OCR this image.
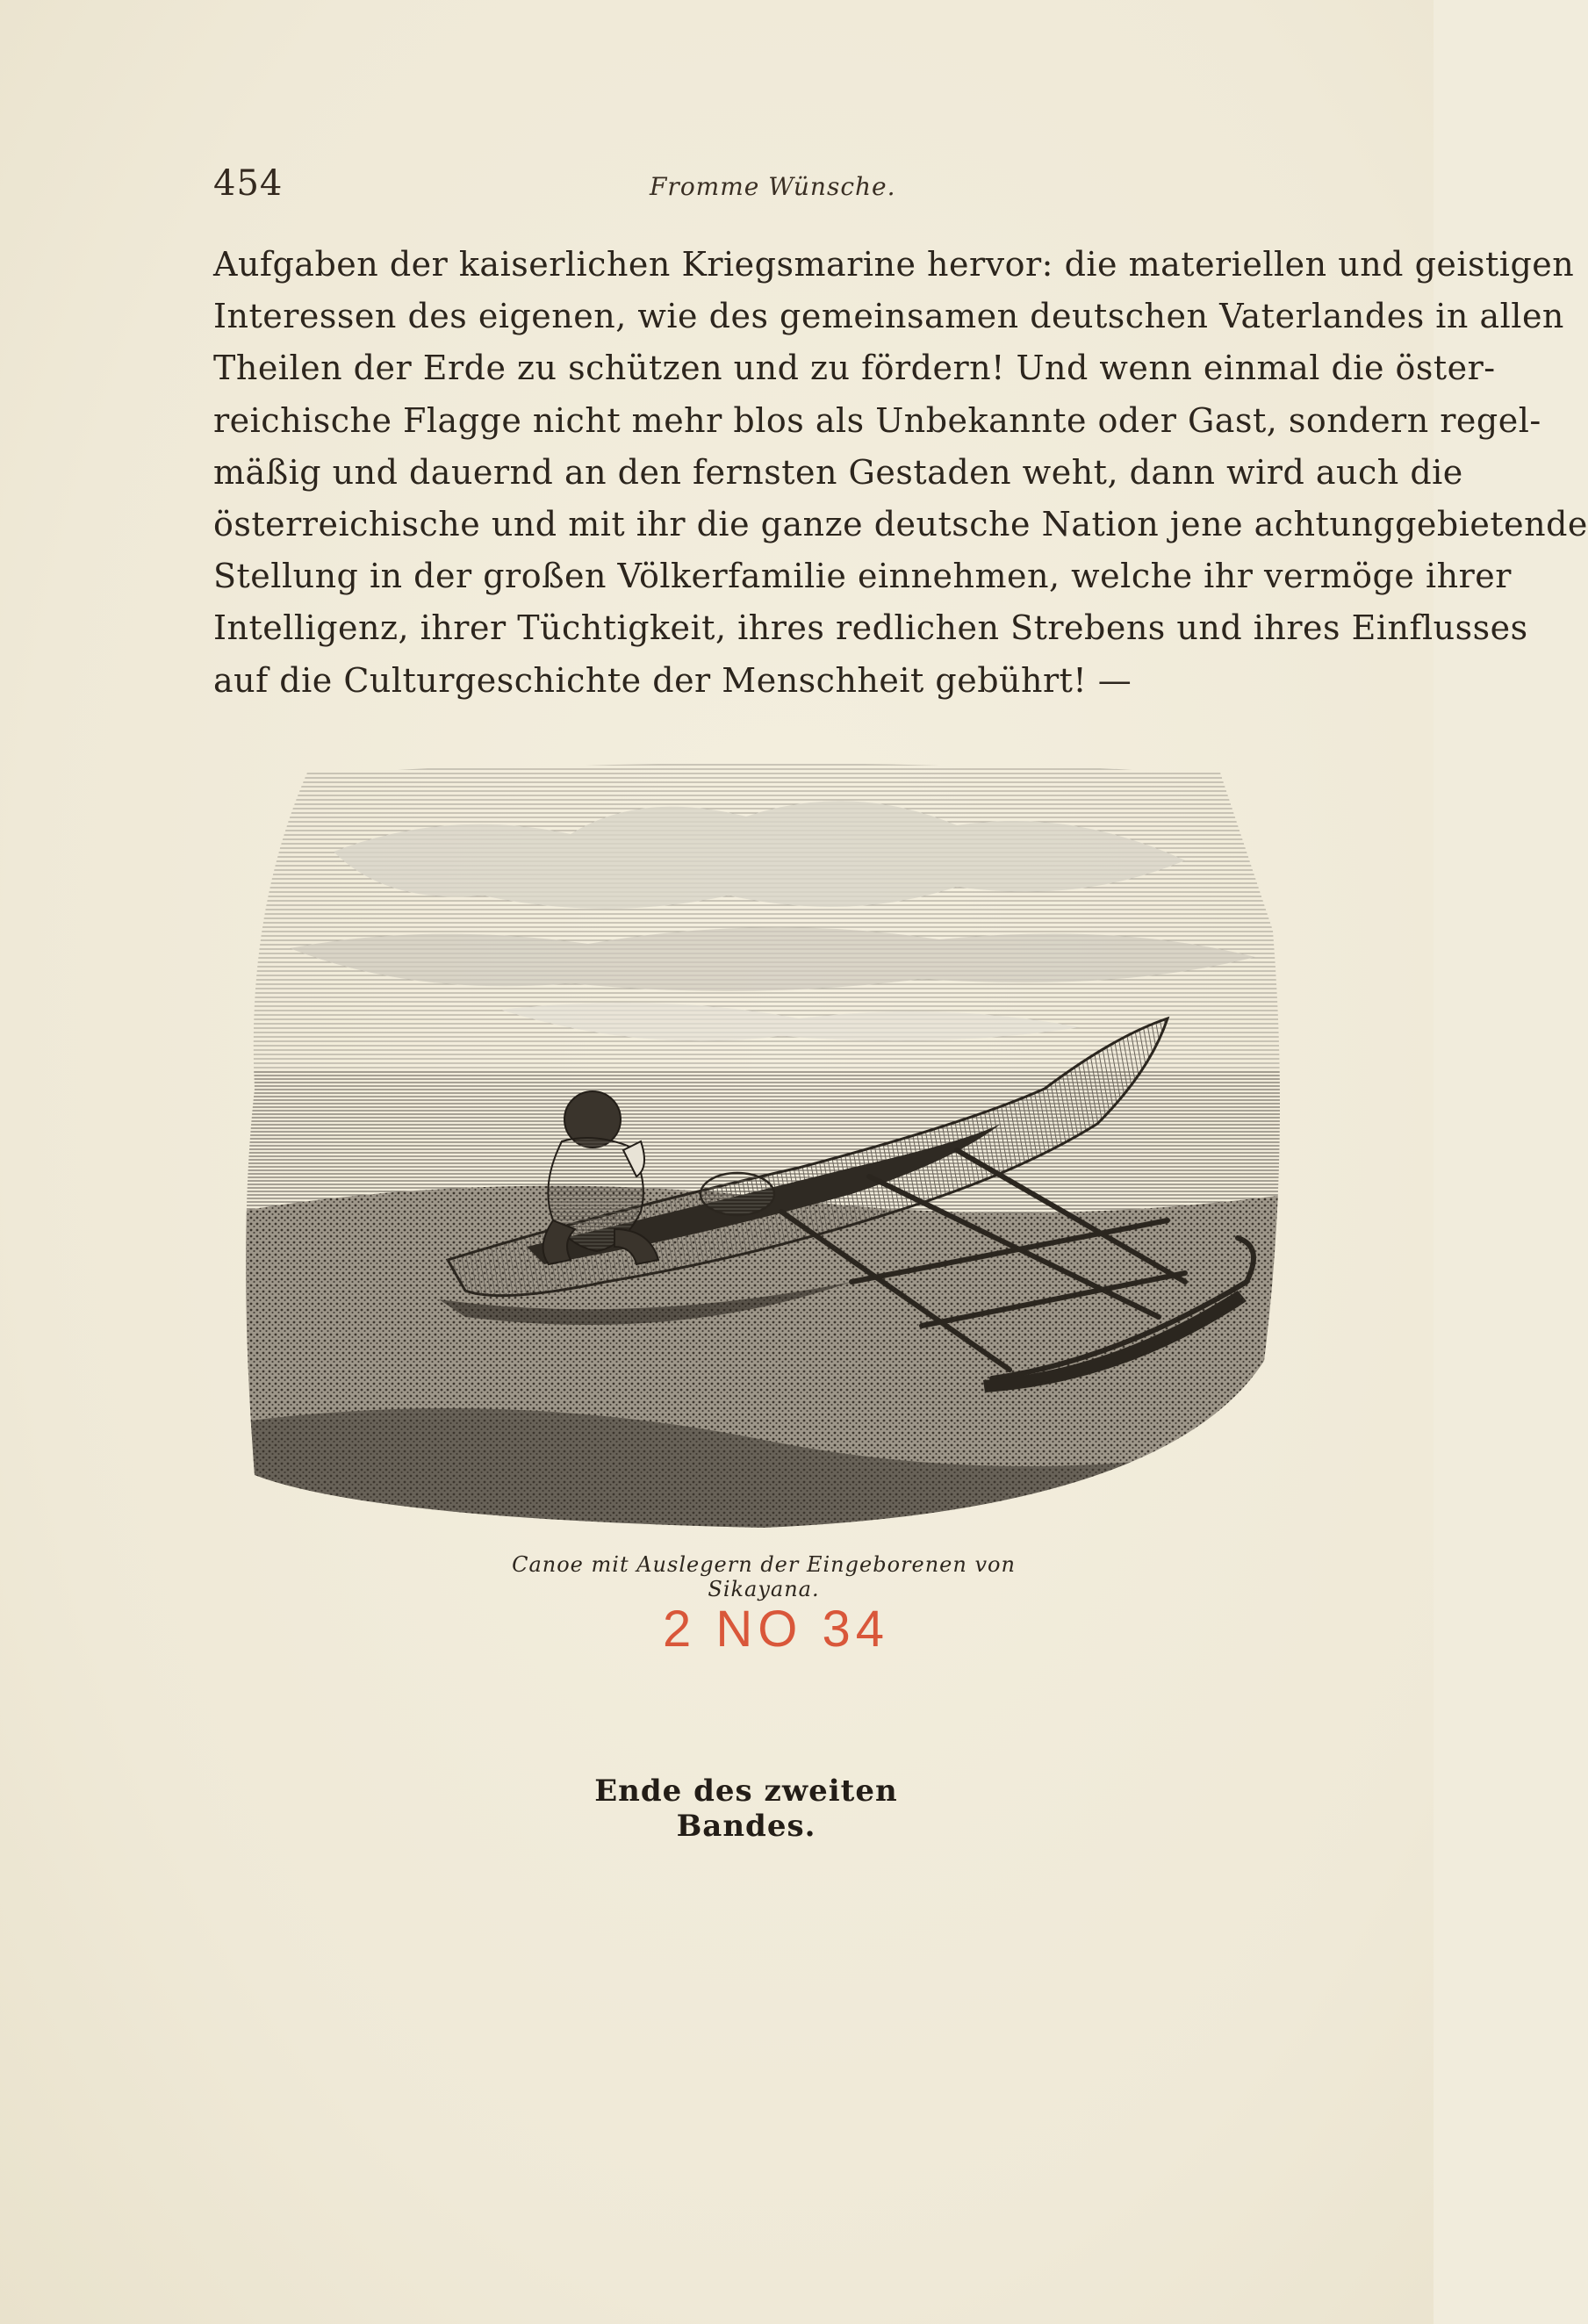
454	Fromme Wünsche.
Aufgaben der kaiserlichen Kriegsmarine hervor: die materiellen und geistigen
Interessen des eigenen, wie des gemeinsamen deutschen Vaterlandes in allen
Theilen der Erde zu schützen und zu fördern! Und wenn einmal die öster-
reichische Flagge nicht mehr blos als Unbekannte oder Gast, sondern regel-
mäßig und dauernd an den fernsten Gestaden weht, dann wird auch die
österreichische und mit ihr die ganze deutsche Nation jene achtunggebietende
Stellung in der großen Völkerfamilie einnehmen, welche ihr vermöge ihrer
Intelligenz, ihrer Tüchtigkeit, ihres redlichen Strebens und ihres Einflusses
auf die Culturgeschichte der Menschheit gebührt! —
Canoe mit Auslegern der Eingeborenen von Sikayana.
2 NO 34
Ende des zweiten Bandes.
